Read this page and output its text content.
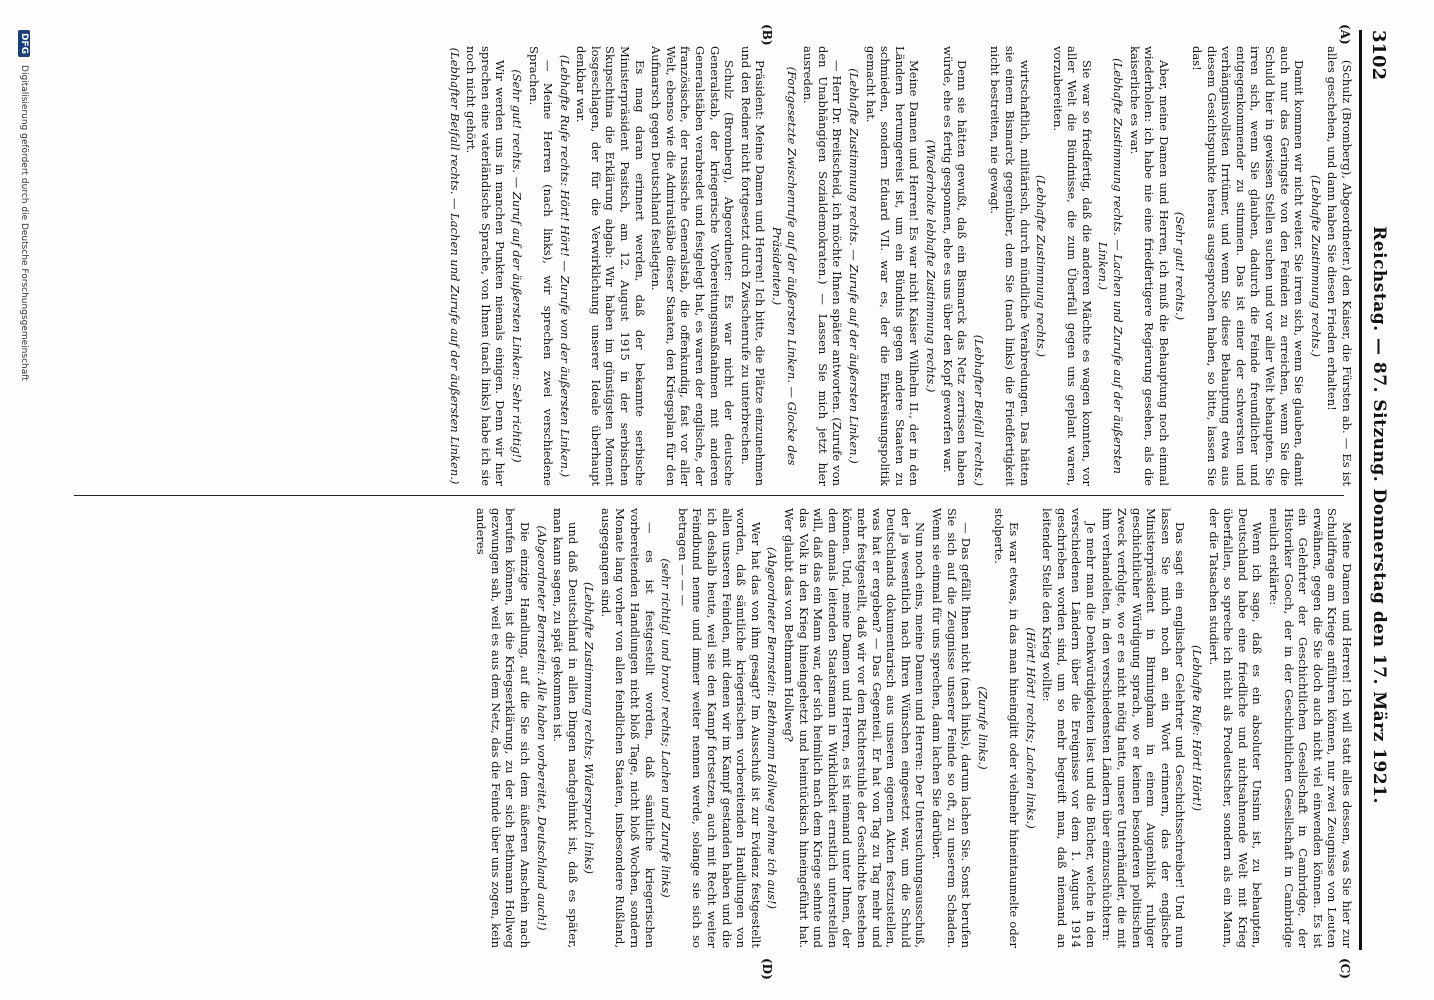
3102
Reichstag. — 87. Sitzung. Donnerstag den 17. März 1921.
(A)
(B)
(C)
(D)

(Schulz (Bromberg), Abgeordneter.) den Kaiser, die Fürsten ab. — Es ist alles geschehen, und dann haben Sie diesen Frieden erhalten!

(Lebhafte Zustimmung rechts.)

Damit kommen wir nicht weiter. Sie irren sich, wenn Sie glauben, damit auch nur das Geringste von den Feinden zu erreichen, wenn Sie die Schuld hier in gewissen Stellen suchen und vor aller Welt behaupten. Sie irren sich, wenn Sie glauben, dadurch die Feinde freundlicher und entgegenkommender zu stimmen. Das ist einer der schwersten und verhängnisvollsten Irrtümer, und wenn Sie diese Behauptung etwa aus diesem Gesichtspunkte heraus ausgesprochen haben, so bitte, lassen Sie das!

(Sehr gut! rechts.)

Aber, meine Damen und Herren, ich muß die Behauptung noch einmal wiederholen: ich habe nie eine friedfertigere Regierung gesehen, als die kaiserliche es war.

(Lebhafte Zustimmung rechts. — Lachen und Zurufe auf der äußersten Linken.)

Sie war so friedfertig, daß die anderen Mächte es wagen konnten, vor aller Welt die Bündnisse, die zum Überfall gegen uns geplant waren, vorzubereiten.

(Lebhafte Zustimmung rechts.)

wirtschaftlich, militärisch, durch mündliche Verabredungen. Das hätten sie einem Bismarck gegenüber, dem Sie (nach links) die Friedfertigkeit nicht bestreiten, nie gewagt.

(Lebhafter Beifall rechts.)

Denn sie hätten gewußt, daß ein Bismarck das Netz zerrissen haben würde, ehe es fertig gesponnen, ehe es uns über den Kopf geworfen war.

(Wiederholte lebhafte Zustimmung rechts.)

Meine Damen und Herren! Es war nicht Kaiser Wilhelm II., der in den Ländern herumgereist ist, um ein Bündnis gegen andere Staaten zu schmieden, sondern Eduard VII. war es, der die Einkreisungspolitik gemacht hat.

(Lebhafte Zustimmung rechts. — Zurufe auf der äußersten Linken.)

— Herr Dr. Breitscheid, ich möchte Ihnen später antworten. (Zurufe von den Unabhängigen Sozialdemokraten.) — Lassen Sie mich jetzt hier ausreden.

(Fortgesetzte Zwischenrufe auf der äußersten Linken. — Glocke des Präsidenten.)

Präsident: Meine Damen und Herren! Ich bitte, die Plätze einzunehmen und den Redner nicht fortgesetzt durch Zwischenrufe zu unterbrechen.

Schulz (Bromberg), Abgeordneter: Es war nicht der deutsche Generalstab, der kriegerische Vorbereitungsmaßnahmen mit anderen Generalstäben verabredet und festgelegt hat, es waren der englische, der französische, der russische Generalstab, die offenkundig, fast vor aller Welt, ebenso wie die Admiralstäbe dieser Staaten, den Kriegsplan für den Aufmarsch gegen Deutschland festlegten.

Es mag daran erinnert werden, daß der bekannte serbische Ministerpräsident Pasitsch, am 12. August 1915 in der serbischen Skupschtina die Erklärung abgab: Wir haben im günstigsten Moment losgeschlagen, der für die Verwirklichung unserer Ideale überhaupt denkbar war.

(Lebhafte Rufe rechts: Hört! Hört! — Zurufe von der äußersten Linken.)

— Meine Herren (nach links), wir sprechen zwei verschiedene Sprachen.

(Sehr gut! rechts. — Zuruf auf der äußersten Linken: Sehr richtig!)

Wir werden uns in manchen Punkten niemals einigen. Denn wir hier sprechen eine vaterländische Sprache, von Ihnen (nach links) habe ich sie noch nicht gehört.

(Lebhafter Beifall rechts. — Lachen und Zurufe auf der äußersten Linken.)

Meine Damen und Herren! Ich will statt alles dessen, was Sie hier zur Schuldfrage am Kriege anführen können, nur zwei Zeugnisse von Leuten erwähnen, gegen die Sie doch auch nicht viel einwenden können. Es ist ein Gelehrter der Geschichtlichen Gesellschaft in Cambridge, der Historiker Gooch, der in der Geschichtlichen Gesellschaft in Cambridge neulich erklärte:

Wenn ich sage, daß es ein absoluter Unsinn ist, zu behaupten, Deutschland habe eine friedliche und nichtsahnende Welt mit Krieg überfallen, so spreche ich nicht als Prodeutscher, sondern als ein Mann, der die Tatsachen studiert.

(Lebhafte Rufe: Hört! Hört!)

Das sagt ein englischer Gelehrter und Geschichtsschreiber! Und nun lassen Sie mich noch an ein Wort erinnern, das der englische Ministerpräsident in Birmingham in einem Augenblick ruhiger geschichtlicher Würdigung sprach, wo er keinen besonderen politischen Zweck verfolgte, wo er es nicht nötig hatte, unsere Unterhändler, die mit ihm verhandelten, in den verschiedensten Ländern über einzuschüchtern:

Je mehr man die Denkwürdigkeiten liest und die Bücher, welche in den verschiedenen Ländern über die Ereignisse vor dem 1. August 1914 geschrieben worden sind, um so mehr begreift man, daß niemand an leitender Stelle den Krieg wollte:

(Hört! Hört! rechts; Lachen links.)

Es war etwas, in das man hineinglitt oder vielmehr hineintaumelte oder stolperte.

(Zurufe links.)

— Das gefällt Ihnen nicht (nach links), darum lachen Sie. Sonst berufen Sie sich auf die Zeugnisse unserer Feinde so oft, zu unserem Schaden. Wenn sie einmal für uns sprechen, dann lachen Sie darüber.

Nun noch eins, meine Damen und Herren: Der Untersuchungsausschuß, der ja wesentlich nach Ihren Wünschen eingesetzt war, um die Schuld Deutschlands dokumentarisch aus unseren eigenen Akten festzustellen, was hat er ergeben? — Das Gegenteil. Er hat von Tag zu Tag mehr und mehr festgestellt, daß wir vor dem Richterstuhle der Geschichte bestehen können. Und, meine Damen und Herren, es ist niemand unter Ihnen, der dem damals leitenden Staatsmann in Wirklichkeit ernstlich unterstellen will, daß das ein Mann war, der sich heimlich nach dem Kriege sehnte und das Volk in den Krieg hineingehetzt und heimtückisch hineingeführt hat. Wer glaubt das von Bethmann Hollweg?

(Abgeordneter Bernstein: Bethmann Hollweg nehme ich aus!)

Wer hat das von ihm gesagt? Im Ausschuß ist zur Evidenz festgestellt worden, daß sämtliche kriegerischen vorbereitenden Handlungen von allen unseren Feinden, mit denen wir im Kampf gestanden haben und die ich deshalb heute, weil sie den Kampf fortsetzen, auch mit Recht weiter Feindbund nenne und immer weiter nennen werde, solange sie sich so betragen — — —

(sehr richtig! und bravo! rechts; Lachen und Zurufe links)

— es ist festgestellt worden, daß sämtliche kriegerischen vorbereitenden Handlungen nicht bloß Tage, nicht bloß Wochen, sondern Monate lang vorher von allen feindlichen Staaten, insbesondere Rußland, ausgegangen sind.

(Lebhafte Zustimmung rechts; Widerspruch links)

und daß Deutschland in allen Dingen nachgehinkt ist, daß es später, man kann sagen, zu spät gekommen ist.

(Abgeordneter Bernstein: Alle haben vorbereitet, Deutschland auch!)

Die einzige Handlung, auf die Sie sich dem äußeren Anschein nach berufen können, ist die Kriegserklärung, zu der sich Bethmann Hollweg gezwungen sah, weil es aus dem Netz, das die Feinde über uns zogen, kein anderes

DFG
Digitalisierung gefördert durch die Deutsche Forschungsgemeinschaft
